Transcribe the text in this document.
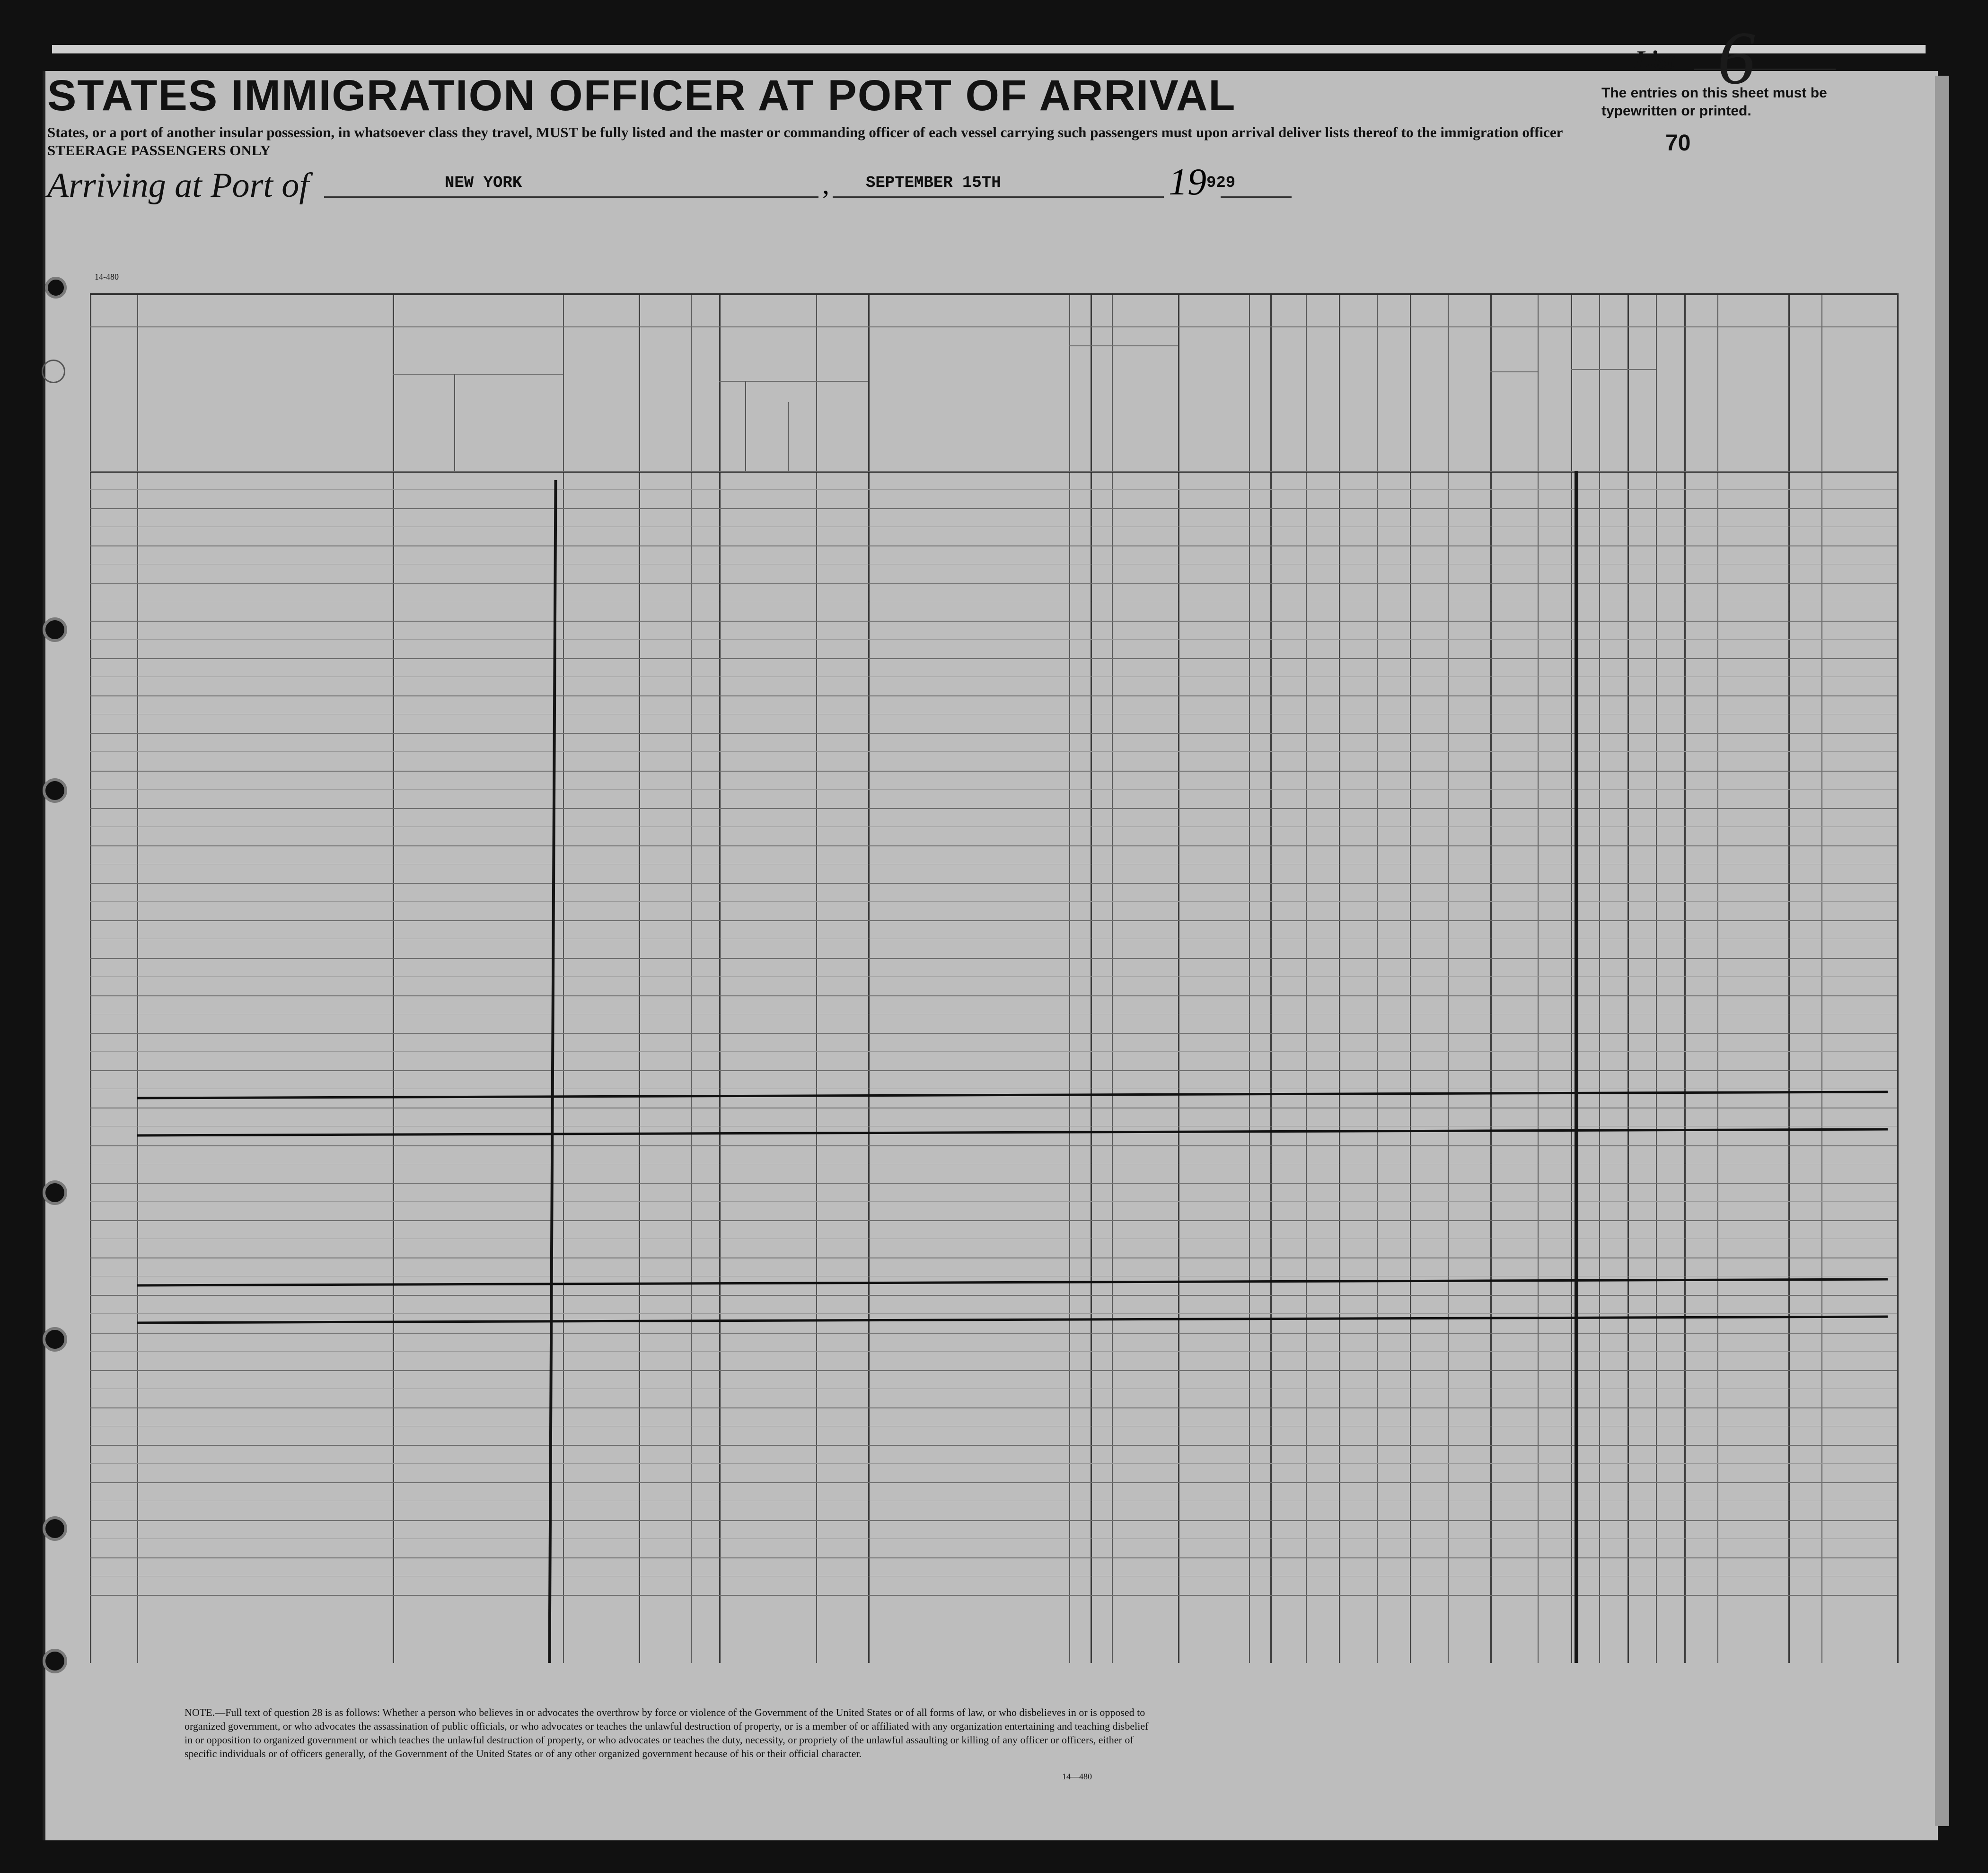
14-480
STATES IMMIGRATION OFFICER AT PORT OF ARRIVAL
States, or a port of another insular possession, in whatsoever class they travel, MUST be fully listed and the master or commanding officer of each vessel carrying such passengers must upon arrival deliver lists thereof to the immigration officer
STEERAGE PASSENGERS ONLY
List 6
The entries on this sheet must be typewritten or printed.
70
Arriving at Port of	NEW YORK	, SEPTEMBER 15TH	19 929
NOTE.—Full text of question 28 is as follows: Whether a person who believes in or advocates the overthrow by force or violence of the Government of the United States or of all forms of law, or who disbelieves in or is opposed to organized government, or who advocates the assassination of public officials, or who advocates or teaches the unlawful destruction of property, or is a member of or affiliated with any organization entertaining and teaching disbelief in or opposition to organized government or which teaches the unlawful destruction of property, or who advocates or teaches the duty, necessity, or propriety of the unlawful assaulting or killing of any officer or officers, either of specific individuals or of officers generally, of the Government of the United States or of any other organized government because of his or their official character.
14—480
